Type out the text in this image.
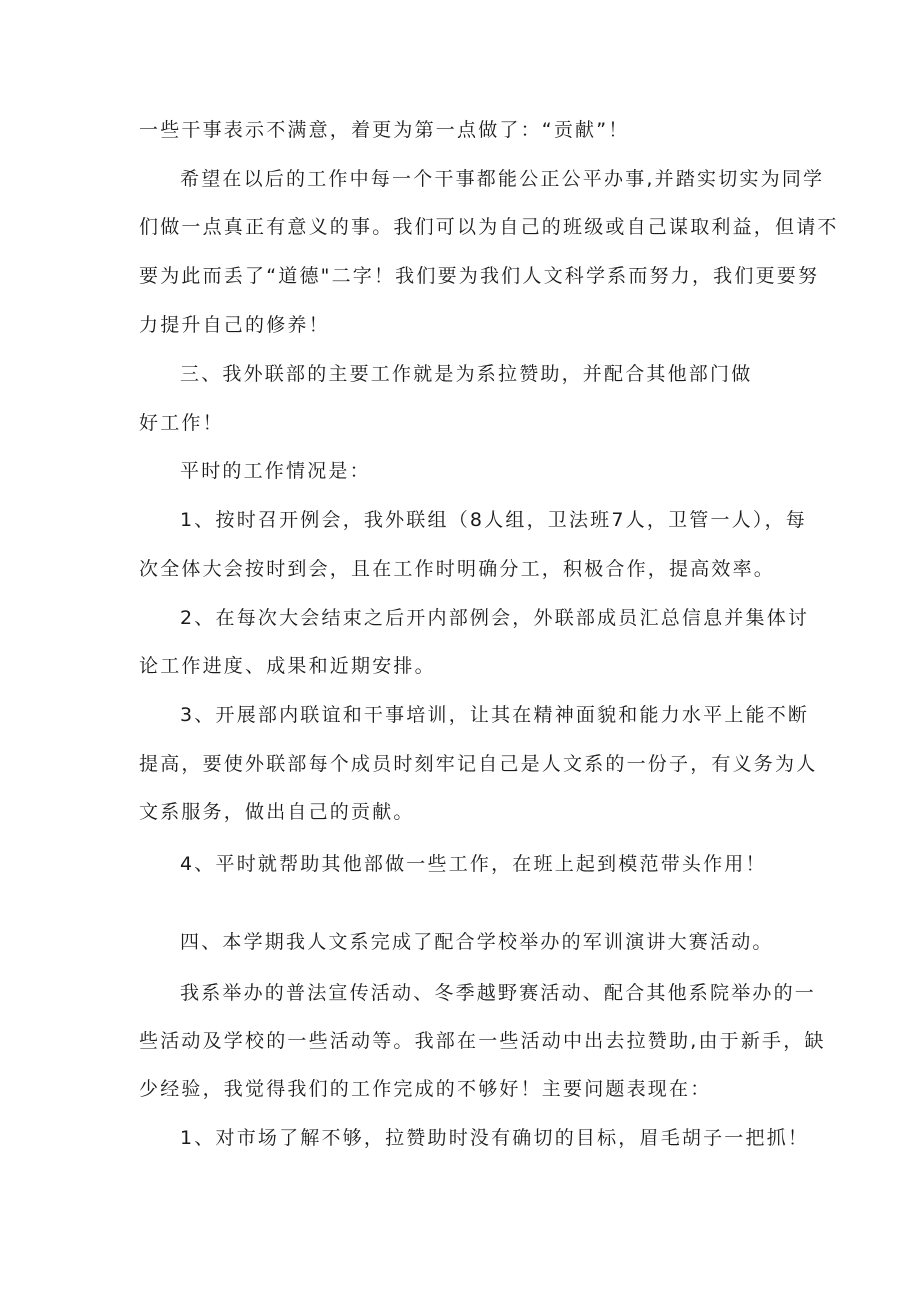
一些干事表示不满意，着更为第一点做了：“贡献”！

希望在以后的工作中每一个干事都能公正公平办事,并踏实切实为同学

们做一点真正有意义的事。我们可以为自己的班级或自己谋取利益，但请不

要为此而丢了“道德"二字！我们要为我们人文科学系而努力，我们更要努

力提升自己的修养！

三、我外联部的主要工作就是为系拉赞助，并配合其他部门做

好工作！

平时的工作情况是：

1、按时召开例会，我外联组（8人组，卫法班7人，卫管一人），每

次全体大会按时到会，且在工作时明确分工，积极合作，提高效率。

2、在每次大会结束之后开内部例会，外联部成员汇总信息并集体讨

论工作进度、成果和近期安排。

3、开展部内联谊和干事培训，让其在精神面貌和能力水平上能不断

提高，要使外联部每个成员时刻牢记自己是人文系的一份子，有义务为人

文系服务，做出自己的贡献。

4、平时就帮助其他部做一些工作，在班上起到模范带头作用！

四、本学期我人文系完成了配合学校举办的军训演讲大赛活动。

我系举办的普法宣传活动、冬季越野赛活动、配合其他系院举办的一

些活动及学校的一些活动等。我部在一些活动中出去拉赞助,由于新手，缺

少经验，我觉得我们的工作完成的不够好！主要问题表现在：

1、对市场了解不够，拉赞助时没有确切的目标，眉毛胡子一把抓！
